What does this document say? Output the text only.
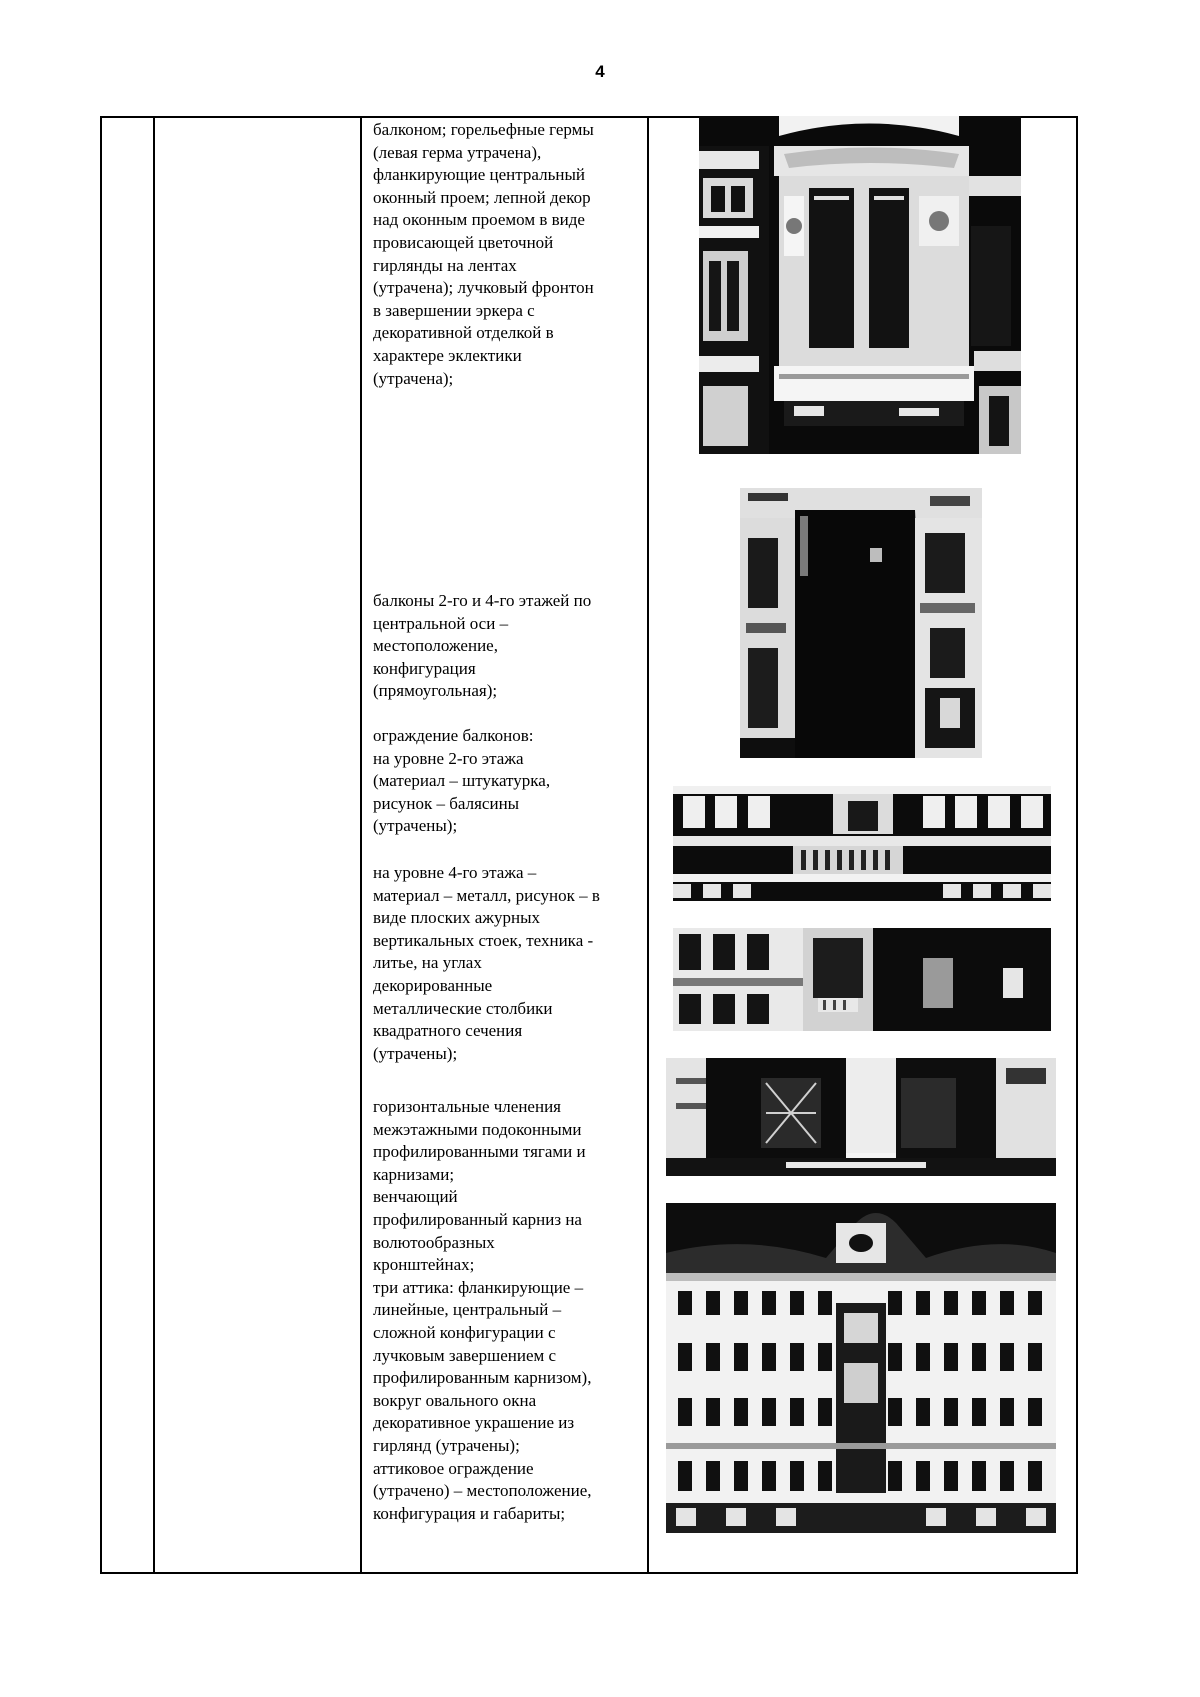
4

балконом; горельефные гермы

(левая герма утрачена),

фланкирующие центральный

оконный проем; лепной декор

над оконным проемом в виде

провисающей цветочной

гирлянды на лентах

(утрачена); лучковый фронтон

в завершении эркера с

декоративной отделкой в

характере эклектики

(утрачена);

балконы 2-го и 4-го этажей по

центральной оси –

местоположение,

конфигурация

(прямоугольная);

ограждение балконов:

на уровне 2-го этажа

(материал – штукатурка,

рисунок – балясины

(утрачены);

на уровне 4-го этажа –

материал – металл, рисунок – в

виде плоских ажурных

вертикальных стоек, техника -

литье, на углах

декорированные

металлические столбики

квадратного сечения

(утрачены);

горизонтальные членения

межэтажными подоконными

профилированными тягами и

карнизами;

венчающий

профилированный карниз на

волютообразных

кронштейнах;

три аттика: фланкирующие –

линейные, центральный –

сложной конфигурации с

лучковым завершением с

профилированным карнизом),

вокруг овального окна

декоративное украшение из

гирлянд (утрачены);

аттиковое ограждение

(утрачено) – местоположение,

конфигурация и габариты;
